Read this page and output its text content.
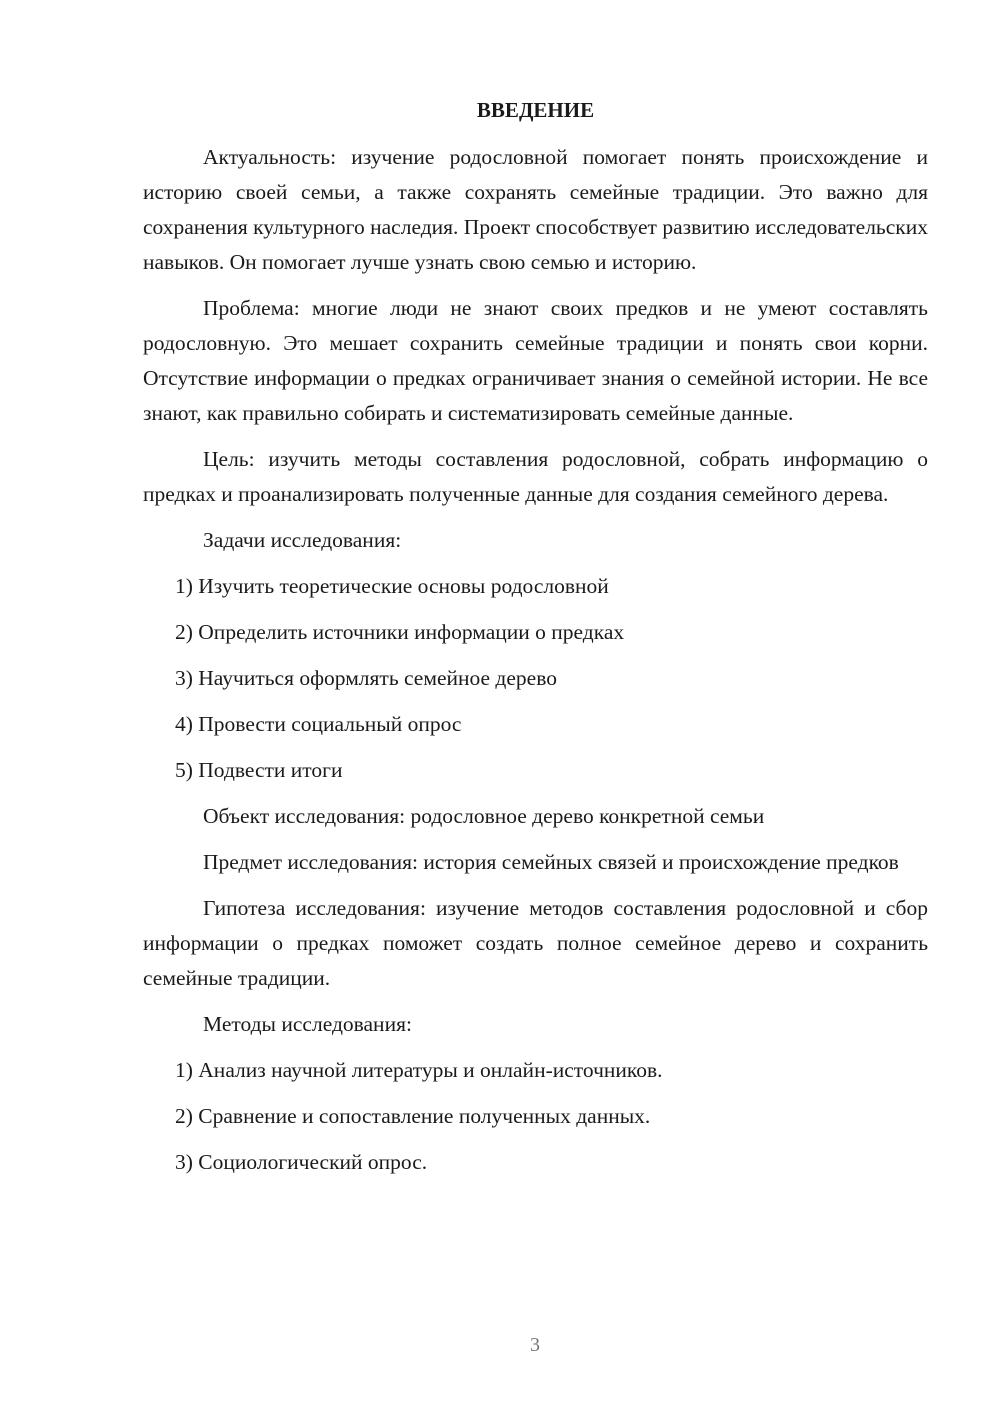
ВВЕДЕНИЕ

Актуальность: изучение родословной помогает понять происхождение и историю своей семьи, а также сохранять семейные традиции. Это важно для сохранения культурного наследия. Проект способствует развитию исследовательских навыков. Он помогает лучше узнать свою семью и историю.

Проблема: многие люди не знают своих предков и не умеют составлять родословную. Это мешает сохранить семейные традиции и понять свои корни. Отсутствие информации о предках ограничивает знания о семейной истории. Не все знают, как правильно собирать и систематизировать семейные данные.

Цель: изучить методы составления родословной, собрать информацию о предках и проанализировать полученные данные для создания семейного дерева.

Задачи исследования:

1) Изучить теоретические основы родословной
2) Определить источники информации о предках
3) Научиться оформлять семейное дерево
4) Провести социальный опрос
5) Подвести итоги

Объект исследования: родословное дерево конкретной семьи

Предмет исследования: история семейных связей и происхождение предков

Гипотеза исследования: изучение методов составления родословной и сбор информации о предках поможет создать полное семейное дерево и сохранить семейные традиции.

Методы исследования:

1) Анализ научной литературы и онлайн-источников.
2) Сравнение и сопоставление полученных данных.
3) Социологический опрос.
3
